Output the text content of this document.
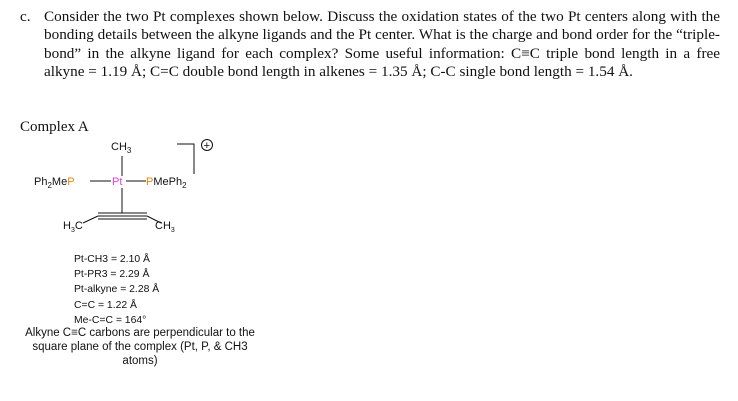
c. Consider the two Pt complexes shown below. Discuss the oxidation states of the two Pt centers along with the bonding details between the alkyne ligands and the Pt center. What is the charge and bond order for the “triple-bond” in the alkyne ligand for each complex? Some useful information: C≡C triple bond length in a free alkyne = 1.19 Å; C=C double bond length in alkenes = 1.35 Å; C-C single bond length = 1.54 Å.
Complex A
$CH_3$	+
$Ph_2MeP$	Pt PMePh$_2$
$H_3C$	$CH_3$
Pt-CH3 = 2.10 Å
Pt-PR3 = 2.29 Å
Pt-alkyne = 2.28 Å
C=C = 1.22 Å
Me-C=C = 164°
Alkyne C≡C carbons are perpendicular to the square plane of the complex (Pt, P, & CH3 atoms)
